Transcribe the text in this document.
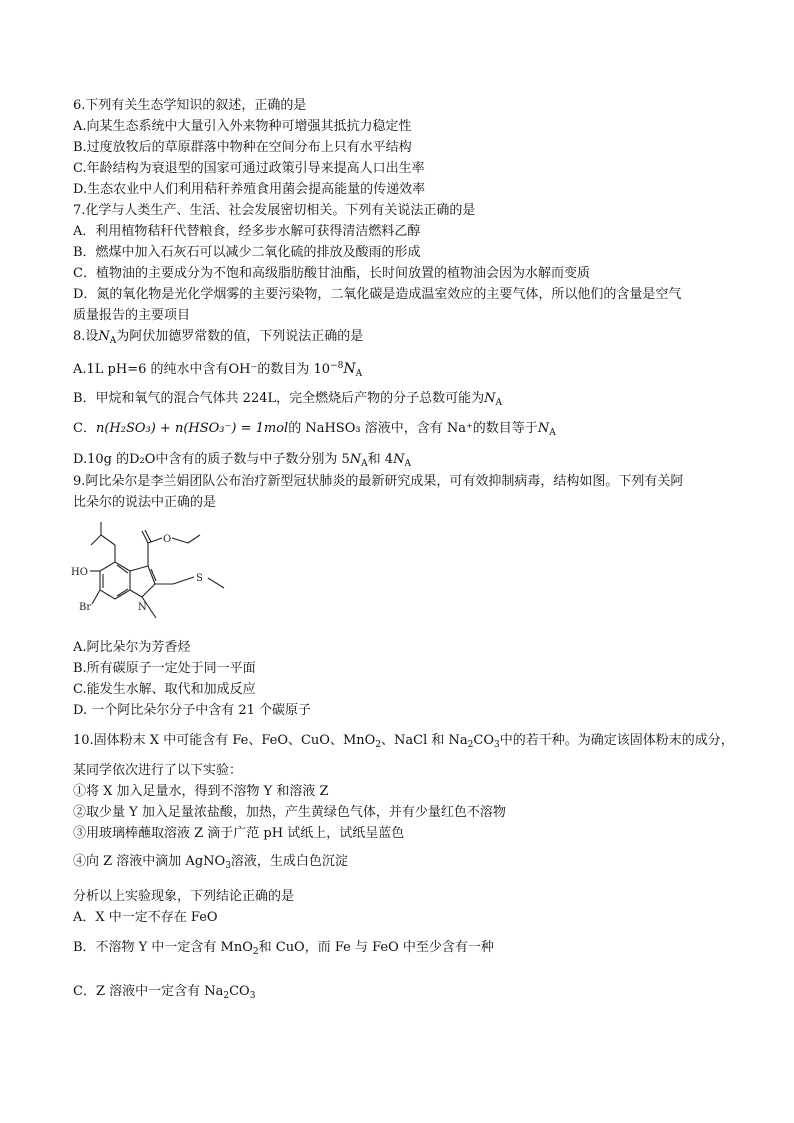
6.下列有关生态学知识的叙述，正确的是
A.向某生态系统中大量引入外来物种可增强其抵抗力稳定性
B.过度放牧后的草原群落中物种在空间分布上只有水平结构
C.年龄结构为衰退型的国家可通过政策引导来提高人口出生率
D.生态农业中人们利用秸秆养殖食用菌会提高能量的传递效率
7.化学与人类生产、生活、社会发展密切相关。下列有关说法正确的是
A．利用植物秸秆代替粮食，经多步水解可获得清洁燃料乙醇
B．燃煤中加入石灰石可以减少二氧化硫的排放及酸雨的形成
C．植物油的主要成分为不饱和高级脂肪酸甘油酯，长时间放置的植物油会因为水解而变质
D．氮的氧化物是光化学烟雾的主要污染物，二氧化碳是造成温室效应的主要气体，所以他们的含量是空气
质量报告的主要项目
8.设$N_A$为阿伏加德罗常数的值，下列说法正确的是
A.1L pH=6 的纯水中含有OH⁻的数目为 $10^{-8}N_A$
B．甲烷和氧气的混合气体共 224L，完全燃烧后产物的分子总数可能为$N_A$
C．n(H₂SO₃) + n(HSO₃⁻) = 1mol的 NaHSO₃ 溶液中，含有 Na⁺的数目等于$N_A$
D.10g 的D₂O中含有的质子数与中子数分别为 $5N_A$和 $4N_A$
9.阿比朵尔是李兰娟团队公布治疗新型冠状肺炎的最新研究成果，可有效抑制病毒，结构如图。下列有关阿
比朵尔的说法中正确的是
HO
Br	N
S
O
A.阿比朵尔为芳香烃
B.所有碳原子一定处于同一平面
C.能发生水解、取代和加成反应
D. 一个阿比朵尔分子中含有 21 个碳原子
10.固体粉末 X 中可能含有 Fe、FeO、CuO、MnO$_2$、NaCl 和 $Na_2CO_3$中的若干种。为确定该固体粉末的成分，
某同学依次进行了以下实验：
①将 X 加入足量水，得到不溶物 Y 和溶液 Z
②取少量 Y 加入足量浓盐酸，加热，产生黄绿色气体，并有少量红色不溶物
③用玻璃棒蘸取溶液 Z 滴于广范 pH 试纸上，试纸呈蓝色
④向 Z 溶液中滴加 AgNO$_3$溶液，生成白色沉淀
分析以上实验现象，下列结论正确的是
A．X 中一定不存在 FeO
B．不溶物 Y 中一定含有 MnO$_2$和 CuO，而 Fe 与 FeO 中至少含有一种
C．Z 溶液中一定含有 $Na_2CO_3$
